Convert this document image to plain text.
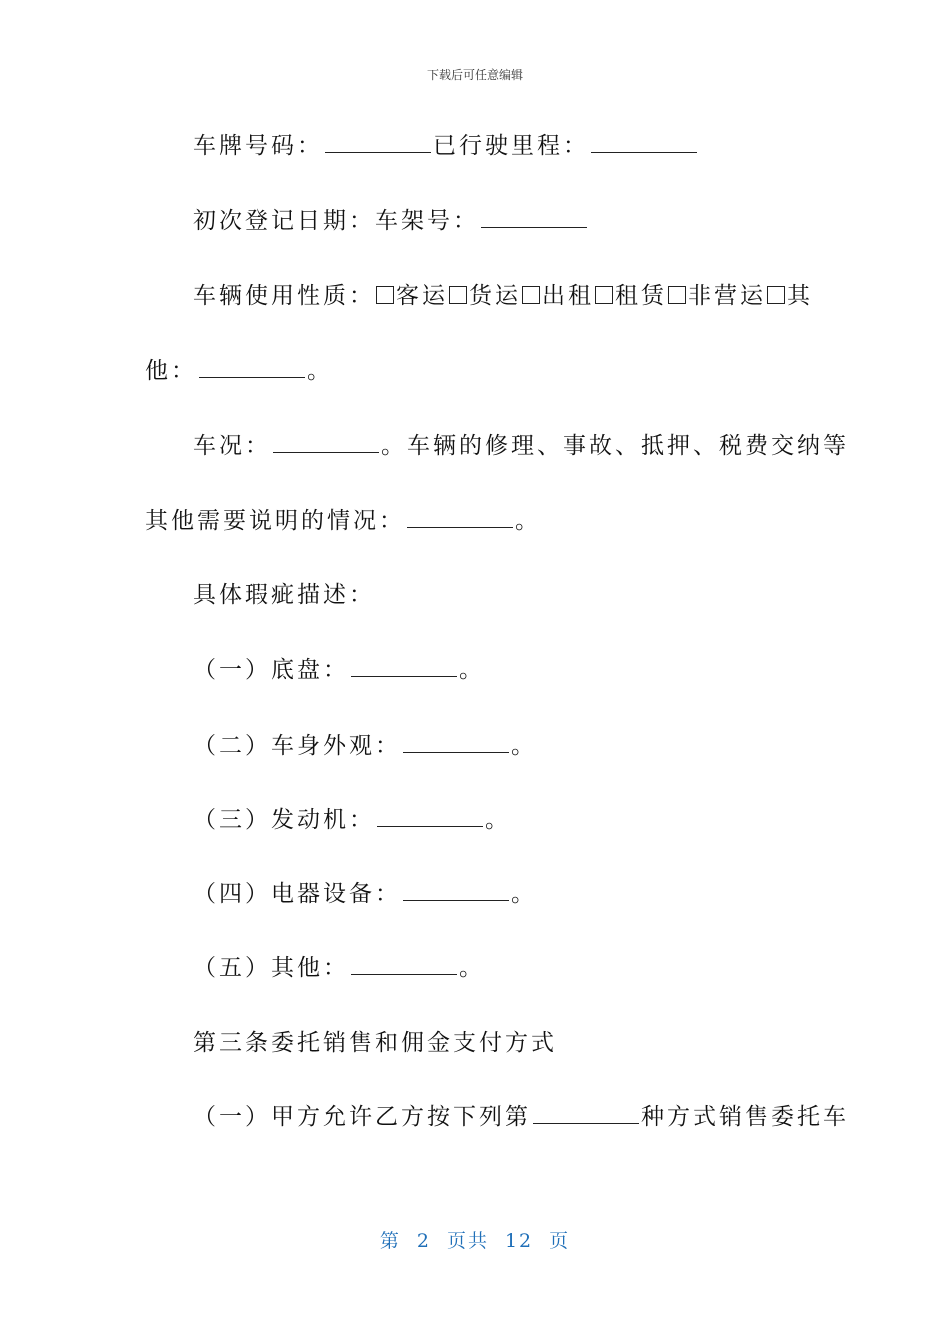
下载后可任意编辑
车牌号码：	已行驶里程：
初次登记日期：车架号：
车辆使用性质： 客运 货运 出租 租赁 非营运 其
他：	。
车况：	。车辆的修理、事故、抵押、税费交纳等
其他需要说明的情况：	。
具体瑕疵描述：
（一）底盘：	。
（二）车身外观：	。
（三）发动机：	。
（四）电器设备：	。
（五）其他：	。
第三条委托销售和佣金支付方式
（一）甲方允许乙方按下列第	种方式销售委托车
第 2 页共 12 页
